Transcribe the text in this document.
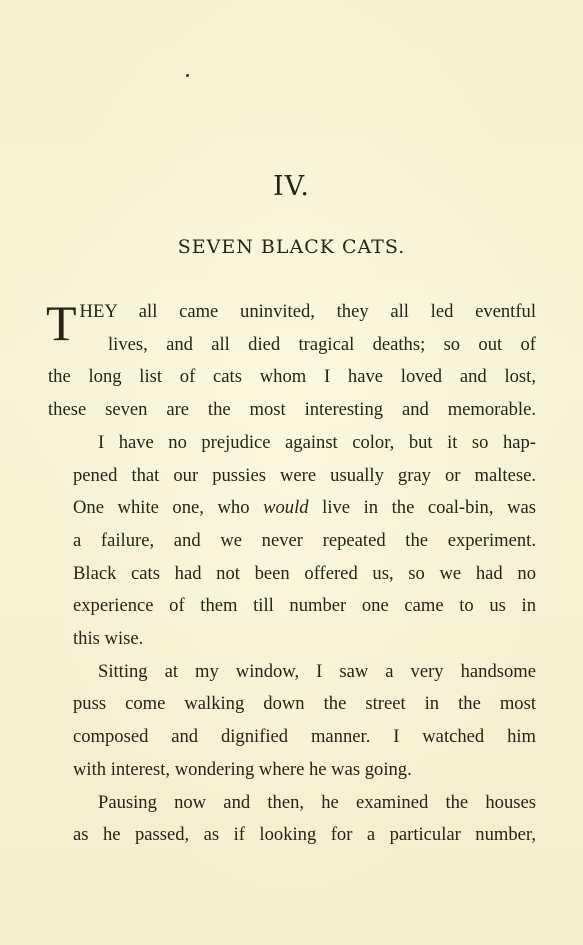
IV.
SEVEN BLACK CATS.
T HEY all came uninvited, they all led eventful
lives, and all died tragical deaths; so out of
the long list of cats whom I have loved and lost,
these seven are the most interesting and memorable.
I have no prejudice against color, but it so hap-
pened that our pussies were usually gray or maltese.
One white one, who would live in the coal-bin, was
a failure, and we never repeated the experiment.
Black cats had not been offered us, so we had no
experience of them till number one came to us in
this wise.
Sitting at my window, I saw a very handsome
puss come walking down the street in the most
composed and dignified manner. I watched him
with interest, wondering where he was going.
Pausing now and then, he examined the houses
as he passed, as if looking for a particular number,
